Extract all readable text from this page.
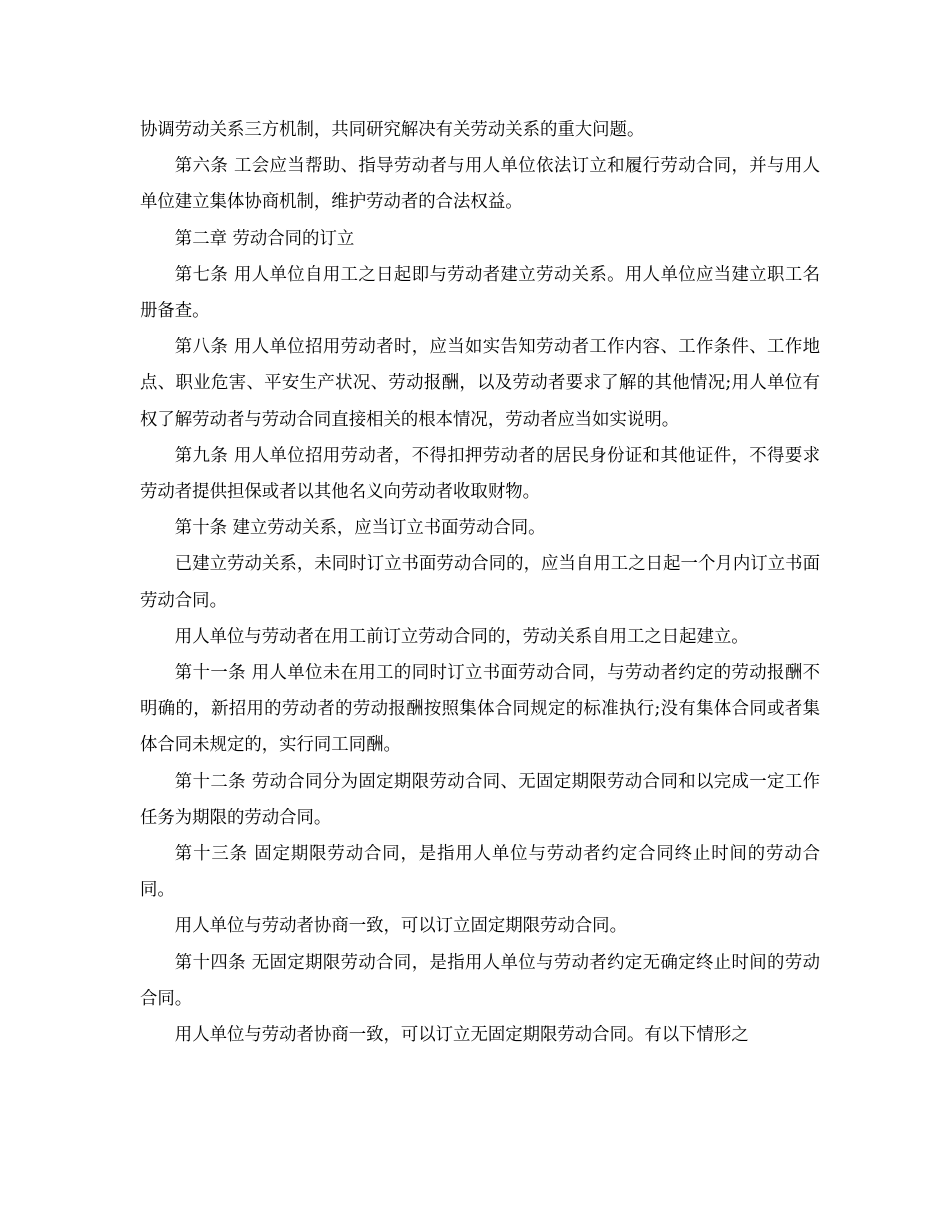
协调劳动关系三方机制，共同研究解决有关劳动关系的重大问题。

第六条 工会应当帮助、指导劳动者与用人单位依法订立和履行劳动合同，并与用人单位建立集体协商机制，维护劳动者的合法权益。

第二章 劳动合同的订立

第七条 用人单位自用工之日起即与劳动者建立劳动关系。用人单位应当建立职工名册备查。

第八条 用人单位招用劳动者时，应当如实告知劳动者工作内容、工作条件、工作地点、职业危害、平安生产状况、劳动报酬，以及劳动者要求了解的其他情况;用人单位有权了解劳动者与劳动合同直接相关的根本情况，劳动者应当如实说明。

第九条 用人单位招用劳动者，不得扣押劳动者的居民身份证和其他证件，不得要求劳动者提供担保或者以其他名义向劳动者收取财物。

第十条 建立劳动关系，应当订立书面劳动合同。

已建立劳动关系，未同时订立书面劳动合同的，应当自用工之日起一个月内订立书面劳动合同。

用人单位与劳动者在用工前订立劳动合同的，劳动关系自用工之日起建立。

第十一条 用人单位未在用工的同时订立书面劳动合同，与劳动者约定的劳动报酬不明确的，新招用的劳动者的劳动报酬按照集体合同规定的标准执行;没有集体合同或者集体合同未规定的，实行同工同酬。

第十二条 劳动合同分为固定期限劳动合同、无固定期限劳动合同和以完成一定工作任务为期限的劳动合同。

第十三条 固定期限劳动合同，是指用人单位与劳动者约定合同终止时间的劳动合同。

用人单位与劳动者协商一致，可以订立固定期限劳动合同。

第十四条 无固定期限劳动合同，是指用人单位与劳动者约定无确定终止时间的劳动合同。

用人单位与劳动者协商一致，可以订立无固定期限劳动合同。有以下情形之
